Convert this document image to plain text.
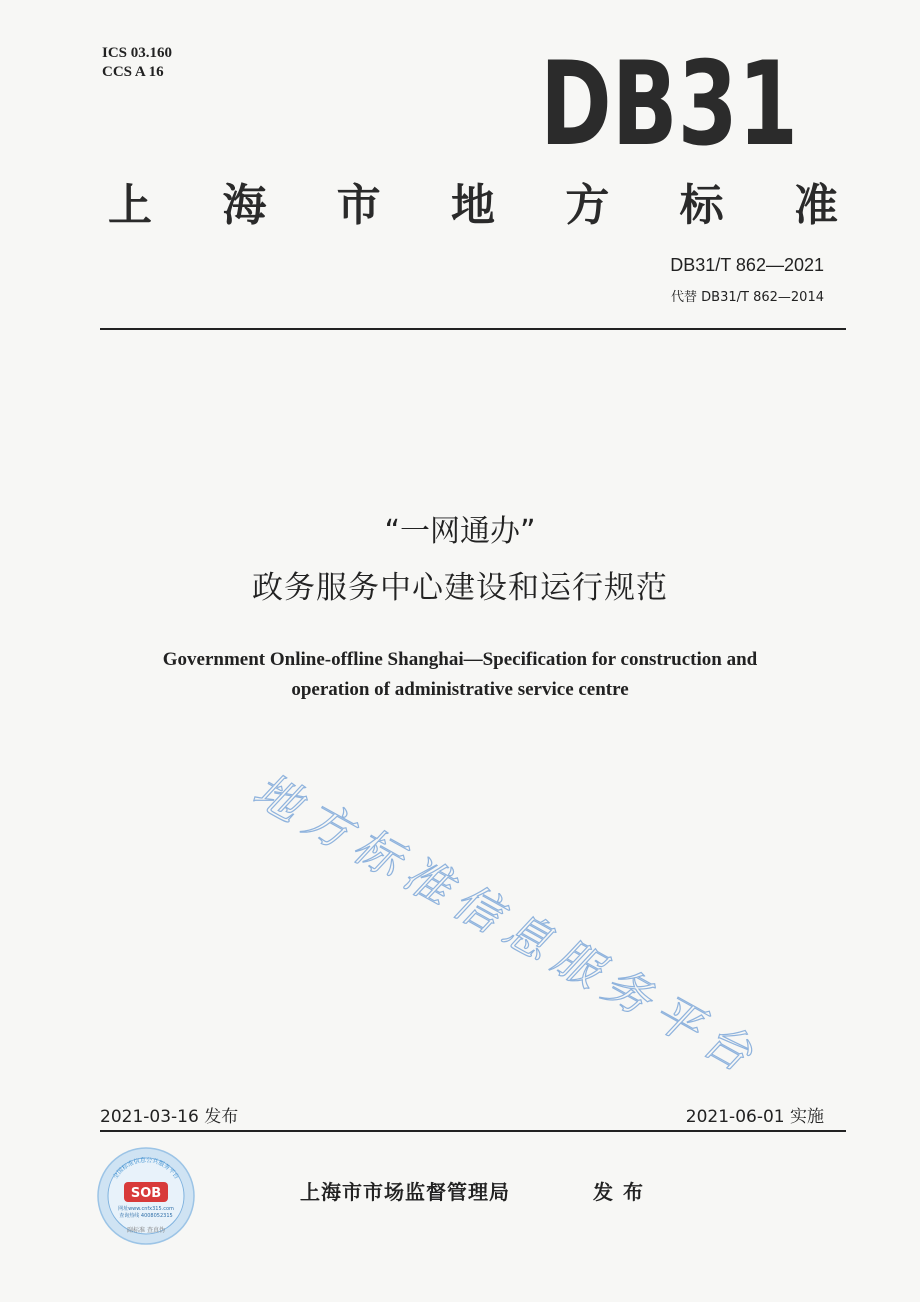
ICS 03.160
CCS A 16	DB31
上 海 市 地 方 标 准
DB31/T 862—2021
代替 DB31/T 862—2014
“一网通办”
政务服务中心建设和运行规范
Government Online-offline Shanghai—Specification for construction and
operation of administrative service centre
地方标准信息服务平台
2021-03-16 发布	2021-06-01 实施
全国标准信息公共服务平台
SOB
网址www.cnfx315.com
查询热线 4008052315
副标准 查真伪
上海市市场监督管理局	发布
